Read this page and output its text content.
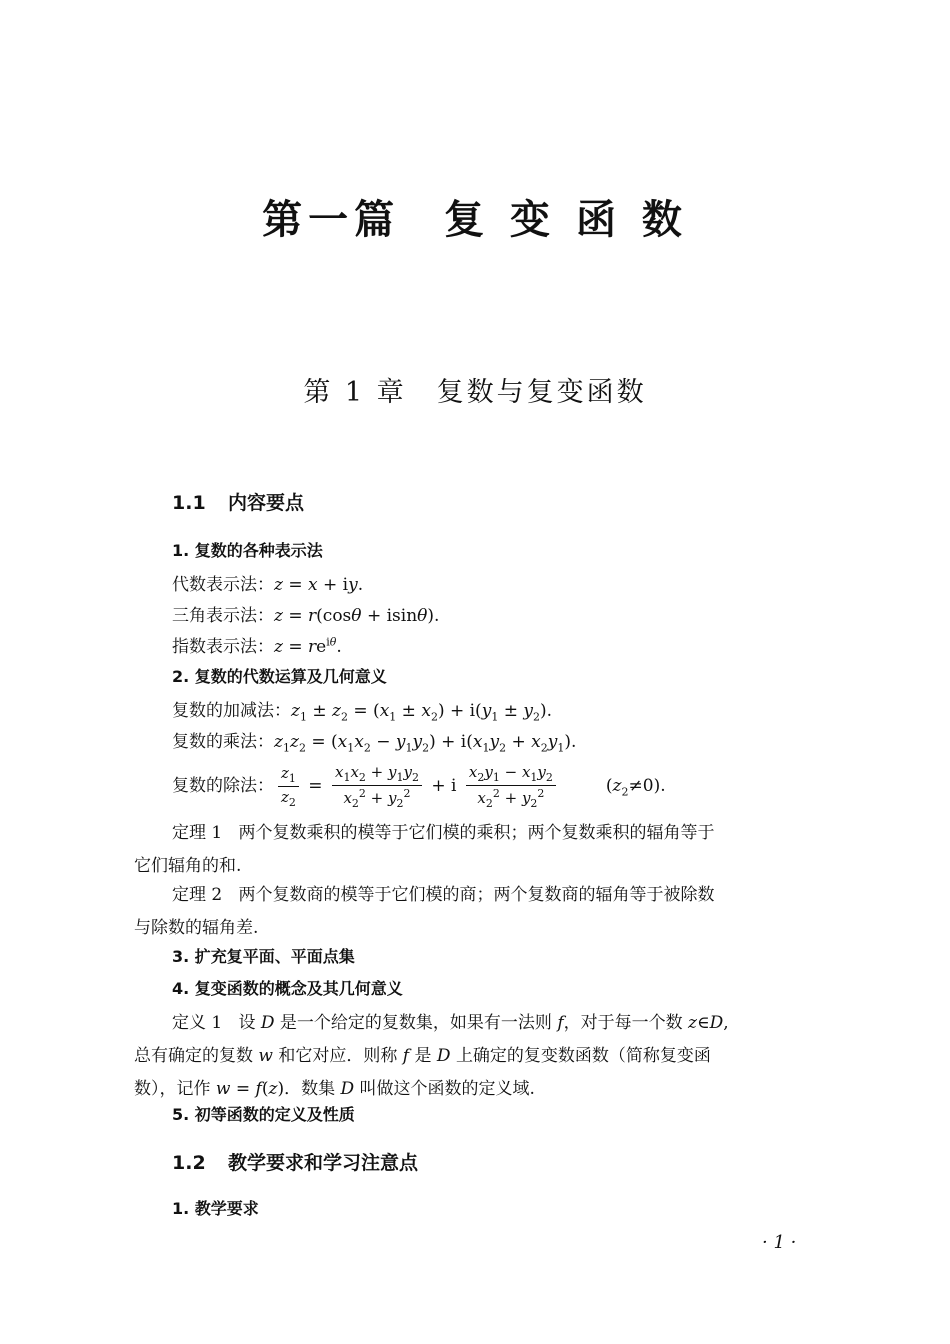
第一篇 复 变 函 数
第 1 章 复数与复变函数
1.1 内容要点
1. 复数的各种表示法
代数表示法：z = x + iy.
三角表示法：z = r(cosθ + isinθ).
指数表示法：$z = re^{i\theta}$.
2. 复数的代数运算及几何意义
复数的加减法：$z_1 \pm z_2 = (x_1 \pm x_2) + i(y_1 \pm y_2)$.
复数的乘法：$z_1z_2 = (x_1x_2 - y_1y_2) + i(x_1y_2 + x_2y_1)$.
复数的除法： $\frac{z_1}{z_2} = \frac{x_1x_2 + y_1y_2}{x_2^2 + y_2^2} + i \frac{x_2y_1 - x_1y_2}{x_2^2 + y_2^2}$	$(z_2\ne 0)$.
定理 1 两个复数乘积的模等于它们模的乘积；两个复数乘积的辐角等于
它们辐角的和.
定理 2 两个复数商的模等于它们模的商；两个复数商的辐角等于被除数
与除数的辐角差.
3. 扩充复平面、平面点集
4. 复变函数的概念及其几何意义
定义 1 设 D 是一个给定的复数集，如果有一法则 f，对于每一个数 z∈D,
总有确定的复数 w 和它对应．则称 f 是 D 上确定的复变数函数（简称复变函
数），记作 w = f(z)．数集 D 叫做这个函数的定义域.
5. 初等函数的定义及性质
1.2 教学要求和学习注意点
1. 教学要求
· 1 ·
